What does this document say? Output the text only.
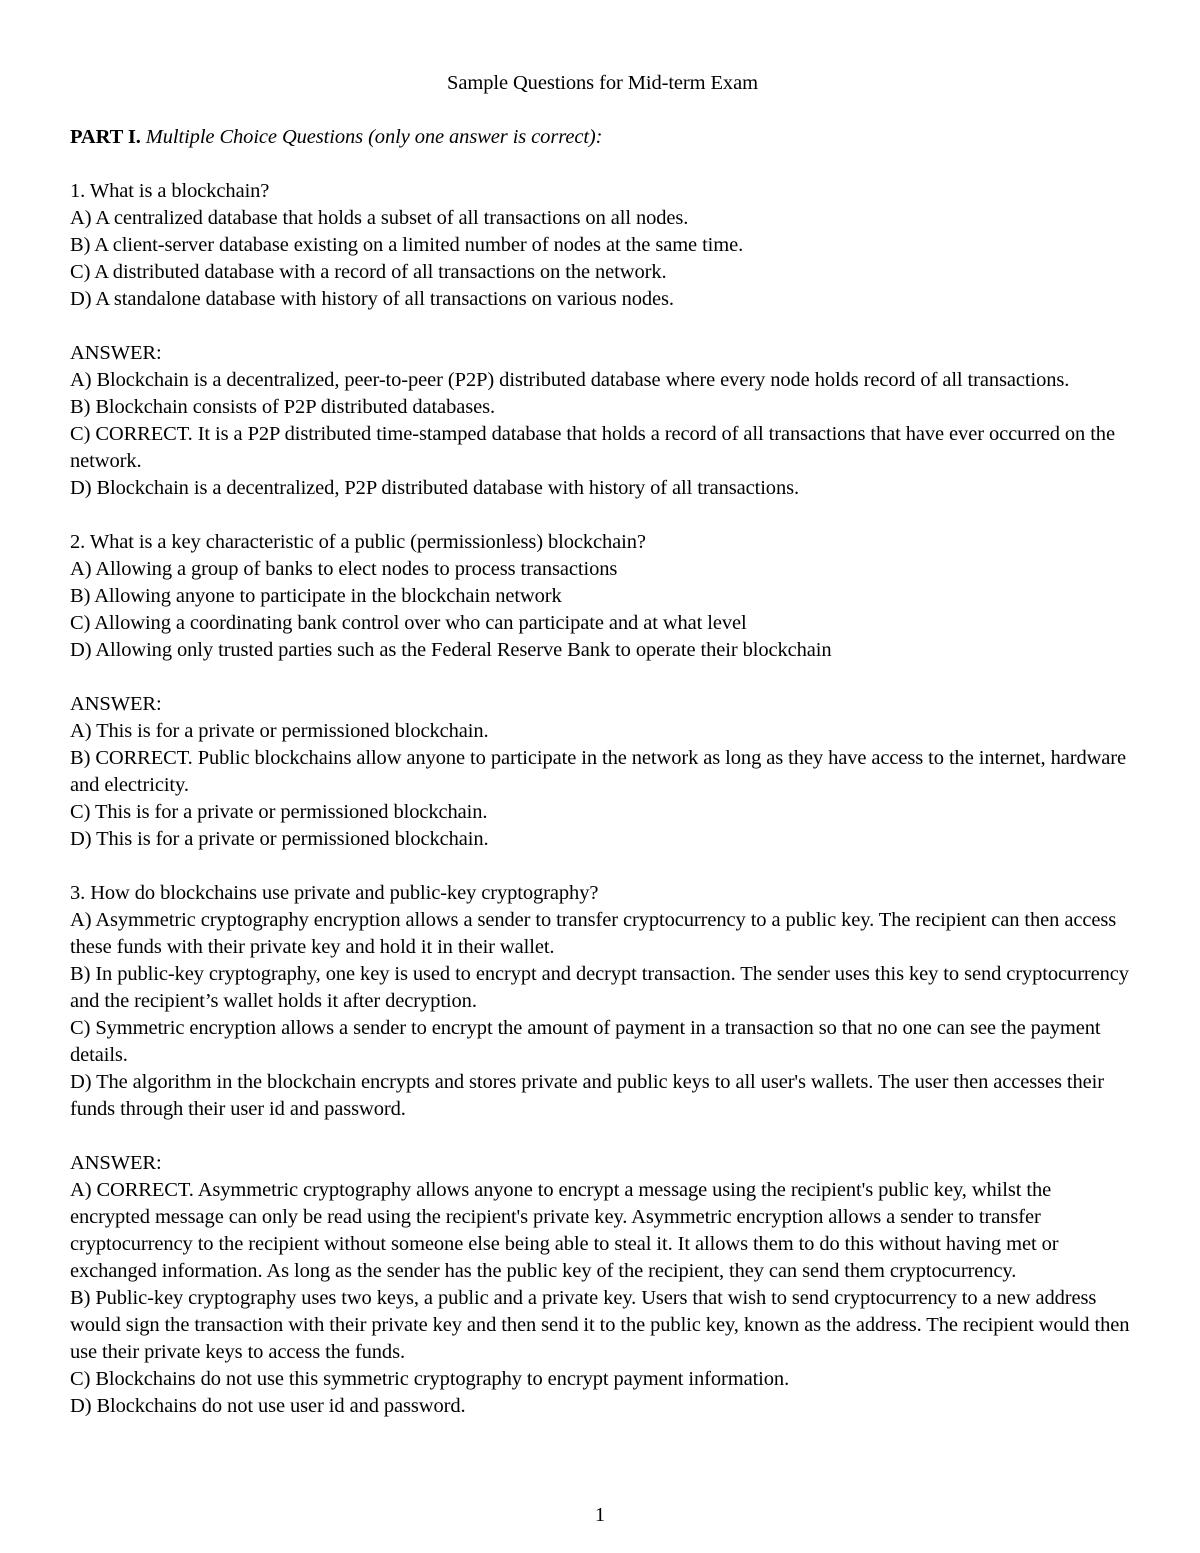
Sample Questions for Mid-term Exam
PART I. Multiple Choice Questions (only one answer is correct):
1. What is a blockchain?
A) A centralized database that holds a subset of all transactions on all nodes.
B) A client-server database existing on a limited number of nodes at the same time.
C) A distributed database with a record of all transactions on the network.
D) A standalone database with history of all transactions on various nodes.
ANSWER:
A) Blockchain is a decentralized, peer-to-peer (P2P) distributed database where every node holds record of all transactions.
B) Blockchain consists of P2P distributed databases.
C) CORRECT. It is a P2P distributed time-stamped database that holds a record of all transactions that have ever occurred on the network.
D) Blockchain is a decentralized, P2P distributed database with history of all transactions.
2. What is a key characteristic of a public (permissionless) blockchain?
A) Allowing a group of banks to elect nodes to process transactions
B) Allowing anyone to participate in the blockchain network
C) Allowing a coordinating bank control over who can participate and at what level
D) Allowing only trusted parties such as the Federal Reserve Bank to operate their blockchain
ANSWER:
A) This is for a private or permissioned blockchain.
B) CORRECT. Public blockchains allow anyone to participate in the network as long as they have access to the internet, hardware and electricity.
C) This is for a private or permissioned blockchain.
D) This is for a private or permissioned blockchain.
3. How do blockchains use private and public-key cryptography?
A) Asymmetric cryptography encryption allows a sender to transfer cryptocurrency to a public key. The recipient can then access these funds with their private key and hold it in their wallet.
B) In public-key cryptography, one key is used to encrypt and decrypt transaction. The sender uses this key to send cryptocurrency and the recipient’s wallet holds it after decryption.
C) Symmetric encryption allows a sender to encrypt the amount of payment in a transaction so that no one can see the payment details.
D) The algorithm in the blockchain encrypts and stores private and public keys to all user's wallets. The user then accesses their funds through their user id and password.
ANSWER:
A) CORRECT. Asymmetric cryptography allows anyone to encrypt a message using the recipient's public key, whilst the encrypted message can only be read using the recipient's private key. Asymmetric encryption allows a sender to transfer cryptocurrency to the recipient without someone else being able to steal it. It allows them to do this without having met or exchanged information. As long as the sender has the public key of the recipient, they can send them cryptocurrency.
B) Public-key cryptography uses two keys, a public and a private key. Users that wish to send cryptocurrency to a new address would sign the transaction with their private key and then send it to the public key, known as the address. The recipient would then use their private keys to access the funds.
C) Blockchains do not use this symmetric cryptography to encrypt payment information.
D) Blockchains do not use user id and password.
1
